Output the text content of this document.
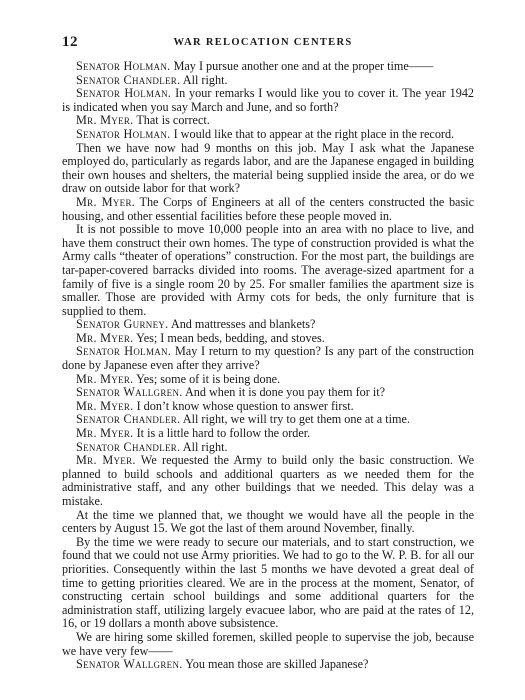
12	WAR RELOCATION CENTERS

Senator Holman. May I pursue another one and at the proper time——

Senator Chandler. All right.

Senator Holman. In your remarks I would like you to cover it. The year 1942 is indicated when you say March and June, and so forth?

Mr. Myer. That is correct.

Senator Holman. I would like that to appear at the right place in the record.

Then we have now had 9 months on this job. May I ask what the Japanese employed do, particularly as regards labor, and are the Japanese engaged in building their own houses and shelters, the material being supplied inside the area, or do we draw on outside labor for that work?

Mr. Myer. The Corps of Engineers at all of the centers constructed the basic housing, and other essential facilities before these people moved in.

It is not possible to move 10,000 people into an area with no place to live, and have them construct their own homes. The type of construction provided is what the Army calls “theater of operations” construction. For the most part, the buildings are tar-paper-covered barracks divided into rooms. The average-sized apartment for a family of five is a single room 20 by 25. For smaller families the apartment size is smaller. Those are provided with Army cots for beds, the only furniture that is supplied to them.

Senator Gurney. And mattresses and blankets?

Mr. Myer. Yes; I mean beds, bedding, and stoves.

Senator Holman. May I return to my question? Is any part of the construction done by Japanese even after they arrive?

Mr. Myer. Yes; some of it is being done.

Senator Wallgren. And when it is done you pay them for it?

Mr. Myer. I don’t know whose question to answer first.

Senator Chandler. All right, we will try to get them one at a time.

Mr. Myer. It is a little hard to follow the order.

Senator Chandler. All right.

Mr. Myer. We requested the Army to build only the basic construction. We planned to build schools and additional quarters as we needed them for the administrative staff, and any other buildings that we needed. This delay was a mistake.

At the time we planned that, we thought we would have all the people in the centers by August 15. We got the last of them around November, finally.

By the time we were ready to secure our materials, and to start construction, we found that we could not use Army priorities. We had to go to the W. P. B. for all our priorities. Consequently within the last 5 months we have devoted a great deal of time to getting priorities cleared. We are in the process at the moment, Senator, of constructing certain school buildings and some additional quarters for the administration staff, utilizing largely evacuee labor, who are paid at the rates of 12, 16, or 19 dollars a month above subsistence.

We are hiring some skilled foremen, skilled people to supervise the job, because we have very few——

Senator Wallgren. You mean those are skilled Japanese?
